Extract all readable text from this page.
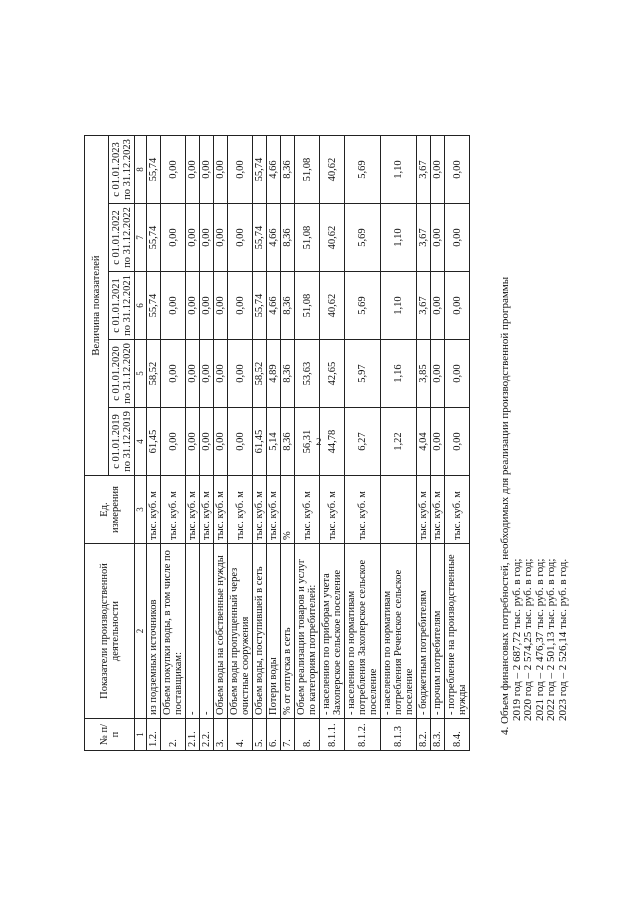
2
№ п/п	Показатели производственной деятельности	Ед. измерения	Величина показателей				
			с 01.01.2019 по 31.12.2019	с 01.01.2020 по 31.12.2020	с 01.01.2021 по 31.12.2021	с 01.01.2022 по 31.12.2022	с 01.01.2023 по 31.12.2023
1	2	3	4	5	6	7	8
1.2.	из подземных источников	тыс. куб. м	61,45	58,52	55,74	55,74	55,74
2.	Объем покупки воды, в том числе по поставщикам:	тыс. куб. м	0,00	0,00	0,00	0,00	0,00
2.1.	-	тыс. куб. м	0,00	0,00	0,00	0,00	0,00
2.2.	-	тыс. куб. м	0,00	0,00	0,00	0,00	0,00
3.	Объем воды на собственные нужды	тыс. куб. м	0,00	0,00	0,00	0,00	0,00
4.	Объем воды пропущенный через очистные сооружения	тыс. куб. м	0,00	0,00	0,00	0,00	0,00
5.	Объем воды, поступившей в сеть	тыс. куб. м	61,45	58,52	55,74	55,74	55,74
6.	Потери воды	тыс. куб. м	5,14	4,89	4,66	4,66	4,66
7.	% от отпуска в сеть	%	8,36	8,36	8,36	8,36	8,36
8.	Объем реализации товаров и услуг по категориям потребителей:	тыс. куб. м	56,31	53,63	51,08	51,08	51,08
8.1.1.	- населению по приборам учета Захоперское сельское поселение	тыс. куб. м	44,78	42,65	40,62	40,62	40,62
8.1.2.	- населению по нормативам потребления Захоперское сельское поселение	тыс. куб. м	6,27	5,97	5,69	5,69	5,69
8.1.3	- населению по нормативам потребления Реченское сельское поселение		1,22	1,16	1,10	1,10	1,10
8.2.	- бюджетным потребителям	тыс. куб. м	4,04	3,85	3,67	3,67	3,67
8.3.	- прочим потребителям	тыс. куб. м	0,00	0,00	0,00	0,00	0,00
8.4.	- потребление на производственные нужды	тыс. куб. м	0,00	0,00	0,00	0,00	0,00
4. Объем финансовых потребностей, необходимых для реализации производственной программы 2019 год – 2 687,72 тыс. руб. в год; 2020 год – 2 574,25 тыс. руб. в год; 2021 год – 2 476,37 тыс. руб. в год; 2022 год – 2 501,13 тыс. руб. в год; 2023 год – 2 526,14 тыс. руб. в год.
